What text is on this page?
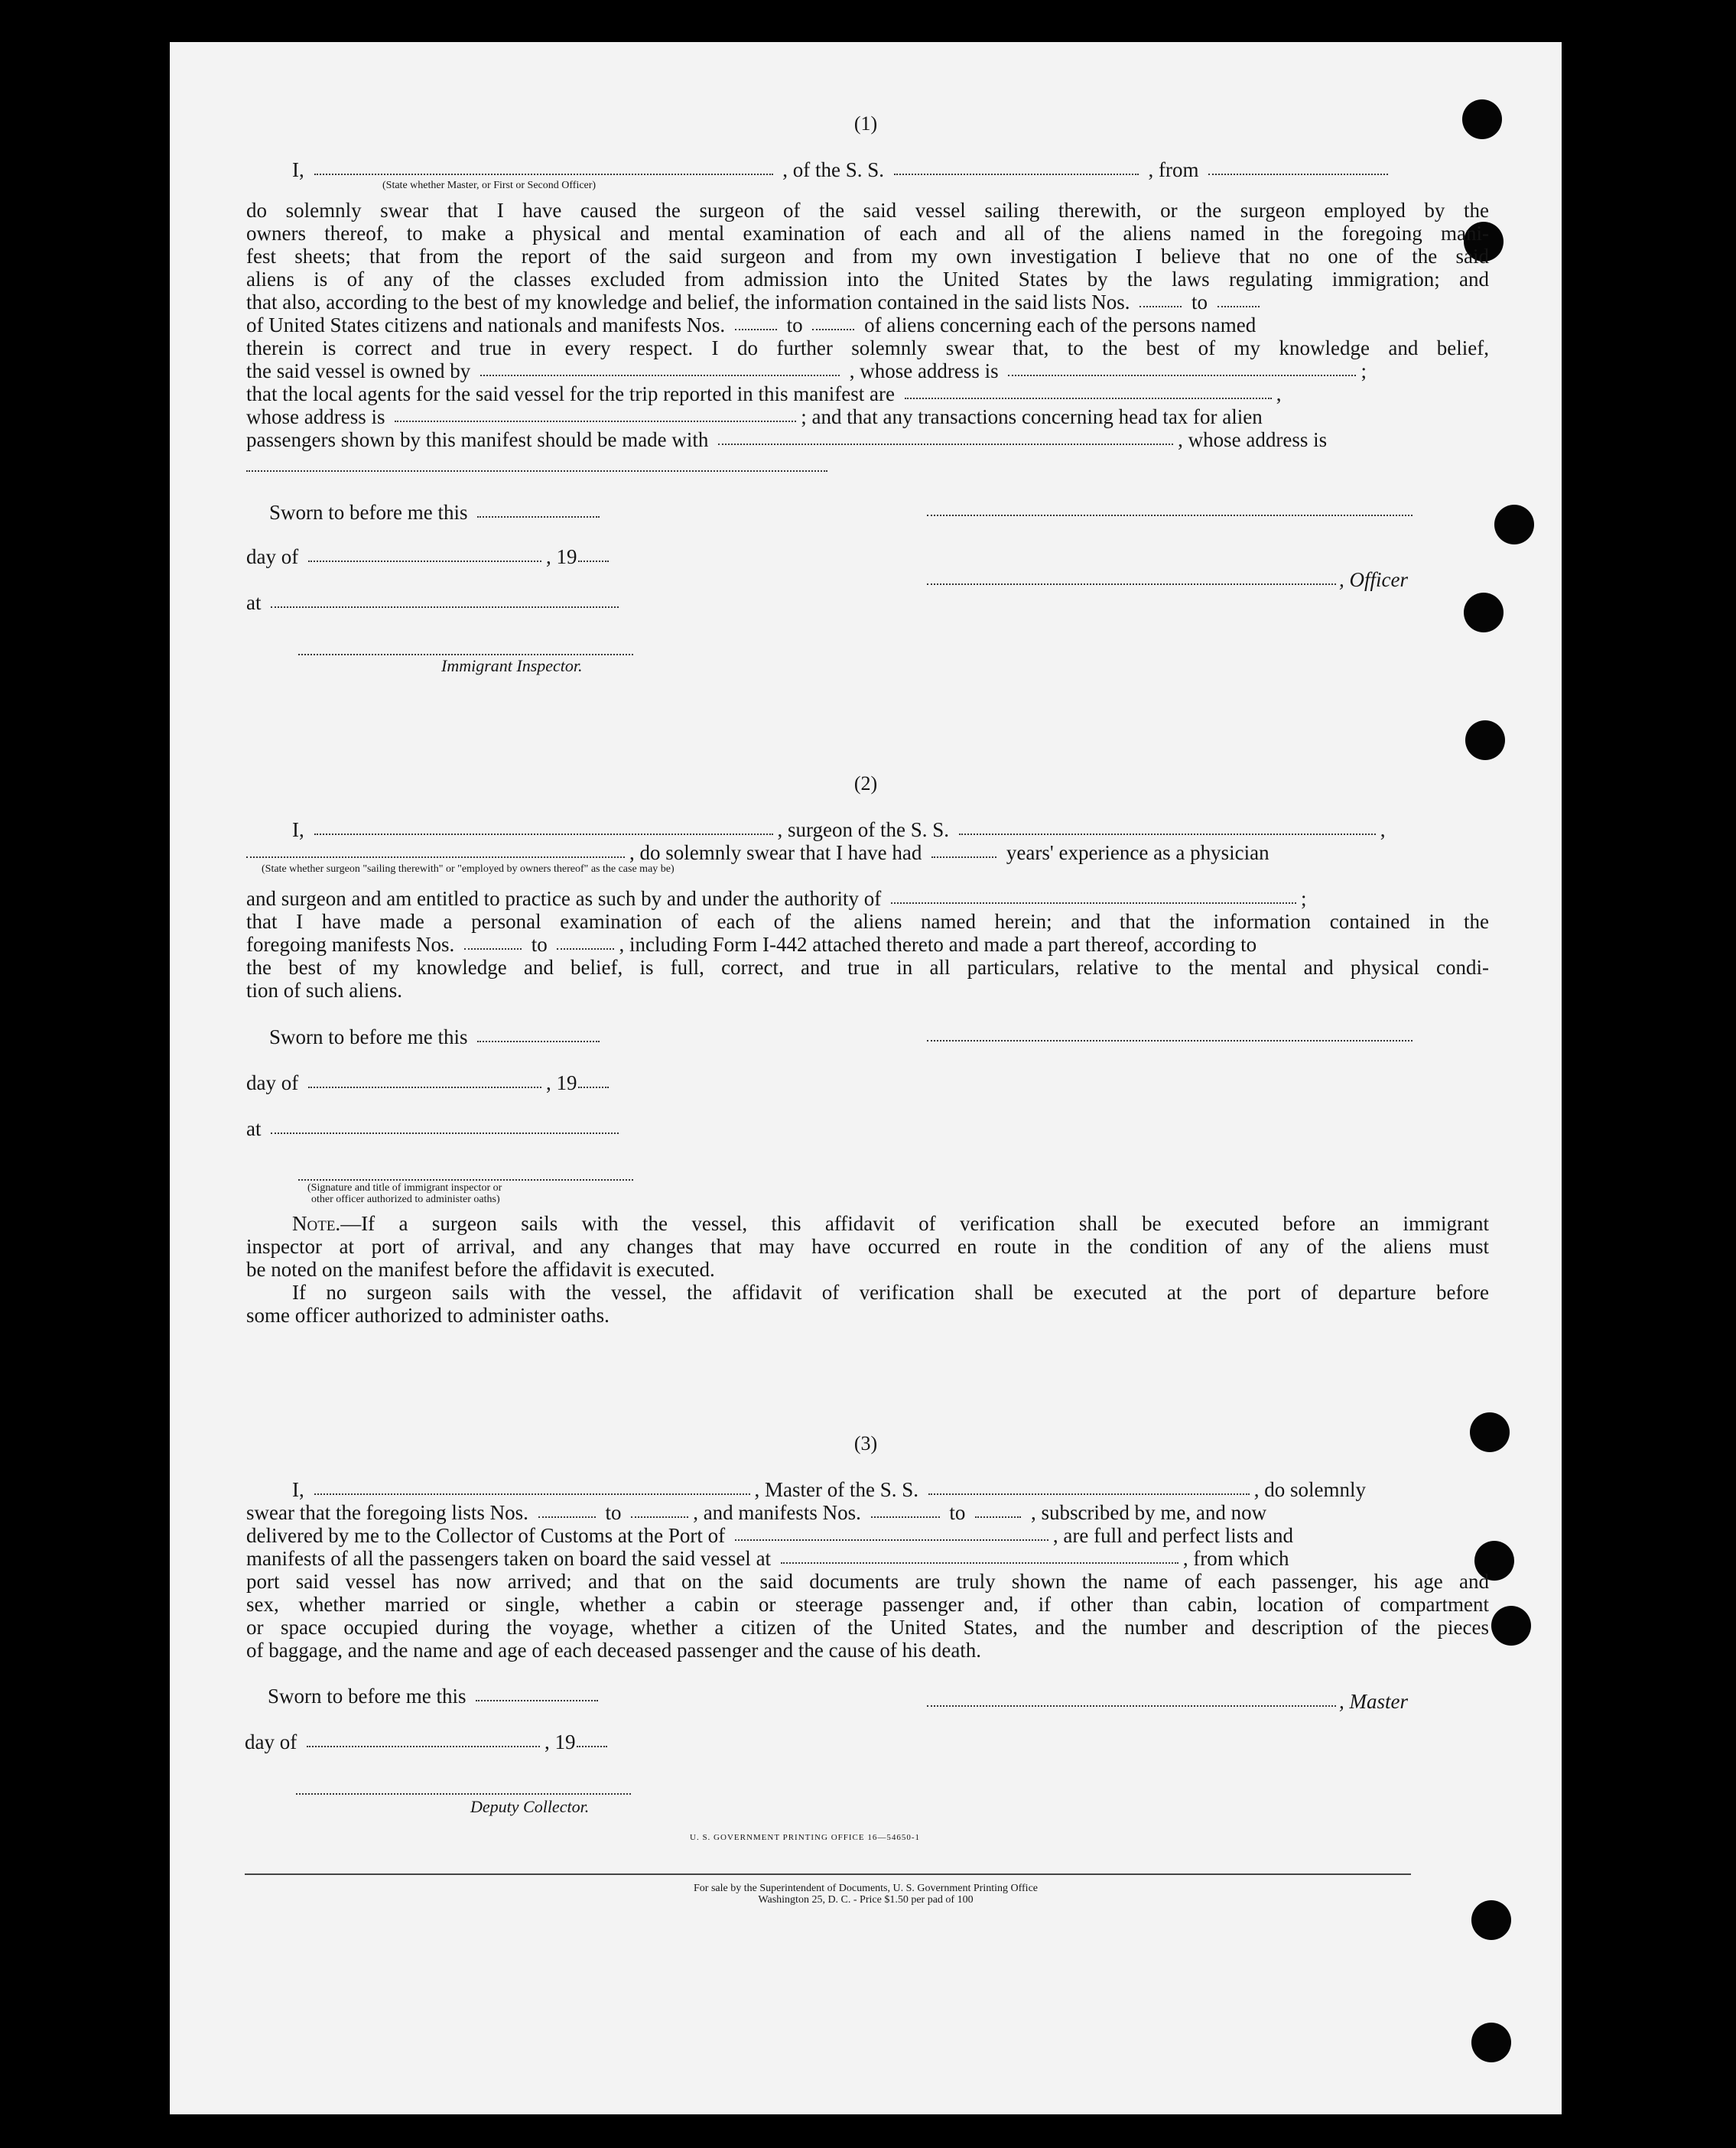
(1)
I,	, of the S. S.	, from
(State whether Master, or First or Second Officer)
do solemnly swear that I have caused the surgeon of the said vessel sailing therewith, or the surgeon employed by the
owners thereof, to make a physical and mental examination of each and all of the aliens named in the foregoing mani-
fest sheets; that from the report of the said surgeon and from my own investigation I believe that no one of the said
aliens is of any of the classes excluded from admission into the United States by the laws regulating immigration; and
that also, according to the best of my knowledge and belief, the information contained in the said lists Nos.	to
of United States citizens and nationals and manifests Nos.	to	of aliens concerning each of the persons named
therein is correct and true in every respect. I do further solemnly swear that, to the best of my knowledge and belief,
the said vessel is owned by	, whose address is	;
that the local agents for the said vessel for the trip reported in this manifest are	,
whose address is	; and that any transactions concerning head tax for alien
passengers shown by this manifest should be made with	, whose address is
Sworn to before me this
day of	, 19
, Officer
at
Immigrant Inspector.
(2)
I,	, surgeon of the S. S.	,
, do solemnly swear that I have had	years' experience as a physician
(State whether surgeon "sailing therewith" or "employed by owners thereof" as the case may be)
and surgeon and am entitled to practice as such by and under the authority of	;
that I have made a personal examination of each of the aliens named herein; and that the information contained in the
foregoing manifests Nos.	to	, including Form I-442 attached thereto and made a part thereof, according to
the best of my knowledge and belief, is full, correct, and true in all particulars, relative to the mental and physical condi-
tion of such aliens.
Sworn to before me this
day of	, 19
at
(Signature and title of immigrant inspector or
other officer authorized to administer oaths)
Note.—If a surgeon sails with the vessel, this affidavit of verification shall be executed before an immigrant
inspector at port of arrival, and any changes that may have occurred en route in the condition of any of the aliens must
be noted on the manifest before the affidavit is executed.
If no surgeon sails with the vessel, the affidavit of verification shall be executed at the port of departure before
some officer authorized to administer oaths.
(3)
I,	, Master of the S. S.	, do solemnly
swear that the foregoing lists Nos.	to	, and manifests Nos.	to	, subscribed by me, and now
delivered by me to the Collector of Customs at the Port of	, are full and perfect lists and
manifests of all the passengers taken on board the said vessel at	, from which
port said vessel has now arrived; and that on the said documents are truly shown the name of each passenger, his age and
sex, whether married or single, whether a cabin or steerage passenger and, if other than cabin, location of compartment
or space occupied during the voyage, whether a citizen of the United States, and the number and description of the pieces
of baggage, and the name and age of each deceased passenger and the cause of his death.
Sworn to before me this	, Master
day of	, 19
Deputy Collector.
U. S. GOVERNMENT PRINTING OFFICE 16—54650-1
For sale by the Superintendent of Documents, U. S. Government Printing Office
Washington 25, D. C. - Price $1.50 per pad of 100
